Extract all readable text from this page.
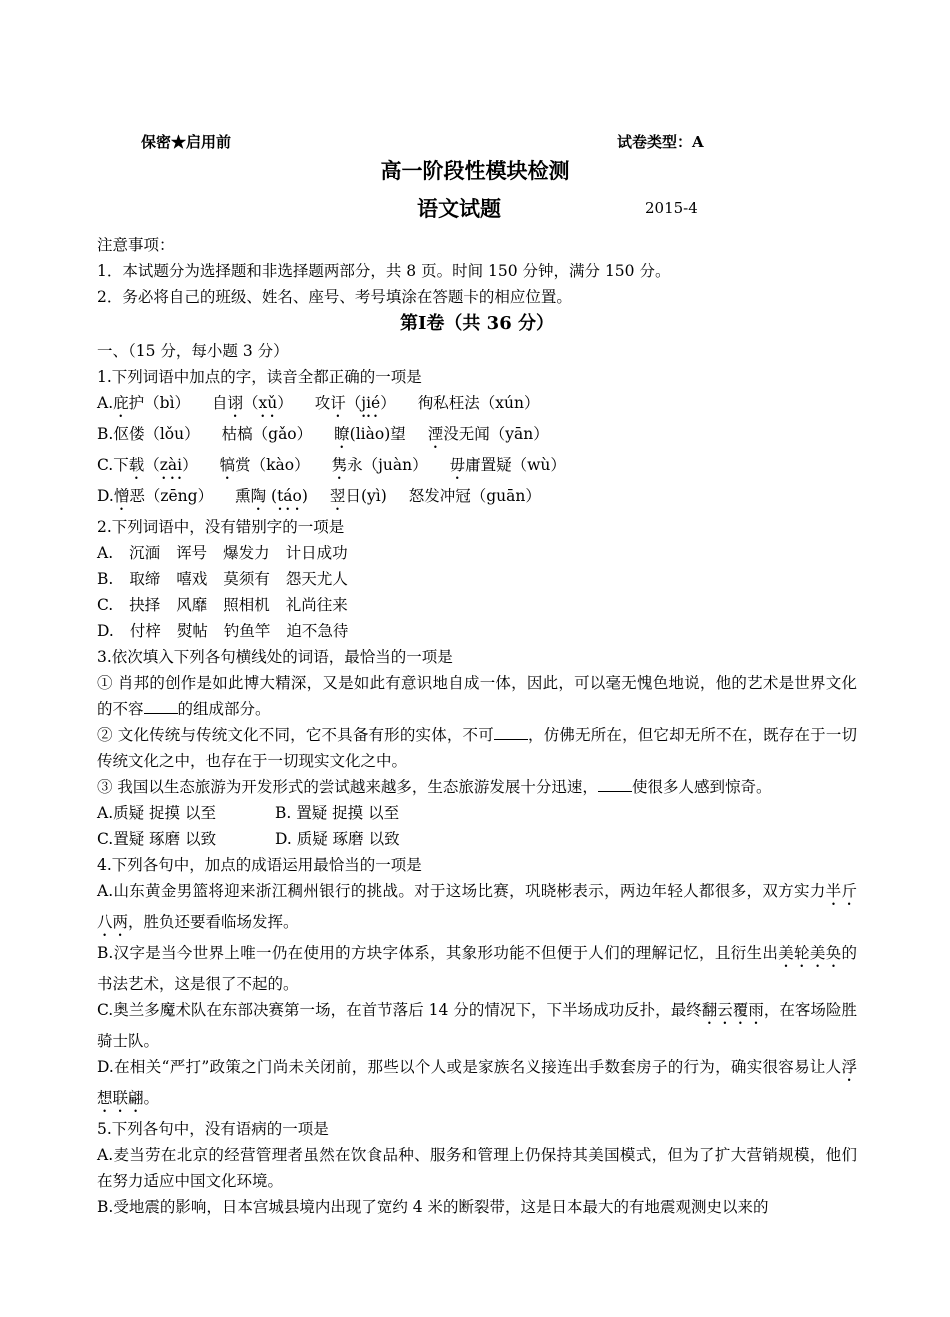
保密★启用前	试卷类型：A
高一阶段性模块检测
语文试题	2015-4

注意事项：

1．本试题分为选择题和非选择题两部分，共 8 页。时间 150 分钟，满分 150 分。

2．务必将自己的班级、姓名、座号、考号填涂在答题卡的相应位置。

第Ⅰ卷（共 36 分）

一、（15 分，每小题 3 分）

1.下列词语中加点的字，读音全都正确的一项是

A.庇护（bì） 自诩（xǔ） 攻讦（jié） 徇私枉法（xún）

B.伛偻（lǒu） 枯槁（gǎo） 瞭(liào)望 湮没无闻（yān）

C.下载（zài） 犒赏（kào） 隽永（juàn） 毋庸置疑（wù）

D.憎恶（zēng） 熏陶 (táo) 翌日(yì) 怒发冲冠（guān）

2.下列词语中，没有错别字的一项是

A. 沉湎 诨号 爆发力 计日成功

B. 取缔 嘻戏 莫须有 怨天尤人

C. 抉择 风靡 照相机 礼尚往来

D. 付梓 熨帖 钓鱼竿 迫不急待

3.依次填入下列各句横线处的词语，最恰当的一项是

① 肖邦的创作是如此博大精深，又是如此有意识地自成一体，因此，可以毫无愧色地说，他的艺术是世界文化的不容 的组成部分。

② 文化传统与传统文化不同，它不具备有形的实体，不可 ，仿佛无所在，但它却无所不在，既存在于一切传统文化之中，也存在于一切现实文化之中。

③ 我国以生态旅游为开发形式的尝试越来越多，生态旅游发展十分迅速， 使很多人感到惊奇。

A.质疑 捉摸 以至	B. 置疑 捉摸 以至

C.置疑 琢磨 以致	D. 质疑 琢磨 以致

4.下列各句中，加点的成语运用最恰当的一项是

A.山东黄金男篮将迎来浙江稠州银行的挑战。对于这场比赛，巩晓彬表示，两边年轻人都很多，双方实力半斤八两，胜负还要看临场发挥。

B.汉字是当今世界上唯一仍在使用的方块字体系，其象形功能不但便于人们的理解记忆，且衍生出美轮美奂的书法艺术，这是很了不起的。

C.奥兰多魔术队在东部决赛第一场，在首节落后 14 分的情况下，下半场成功反扑，最终翻云覆雨，在客场险胜骑士队。

D.在相关“严打”政策之门尚未关闭前，那些以个人或是家族名义接连出手数套房子的行为，确实很容易让人浮想联翩。

5.下列各句中，没有语病的一项是

A.麦当劳在北京的经营管理者虽然在饮食品种、服务和管理上仍保持其美国模式，但为了扩大营销规模，他们在努力适应中国文化环境。

B.受地震的影响，日本宫城县境内出现了宽约 4 米的断裂带，这是日本最大的有地震观测史以来的
